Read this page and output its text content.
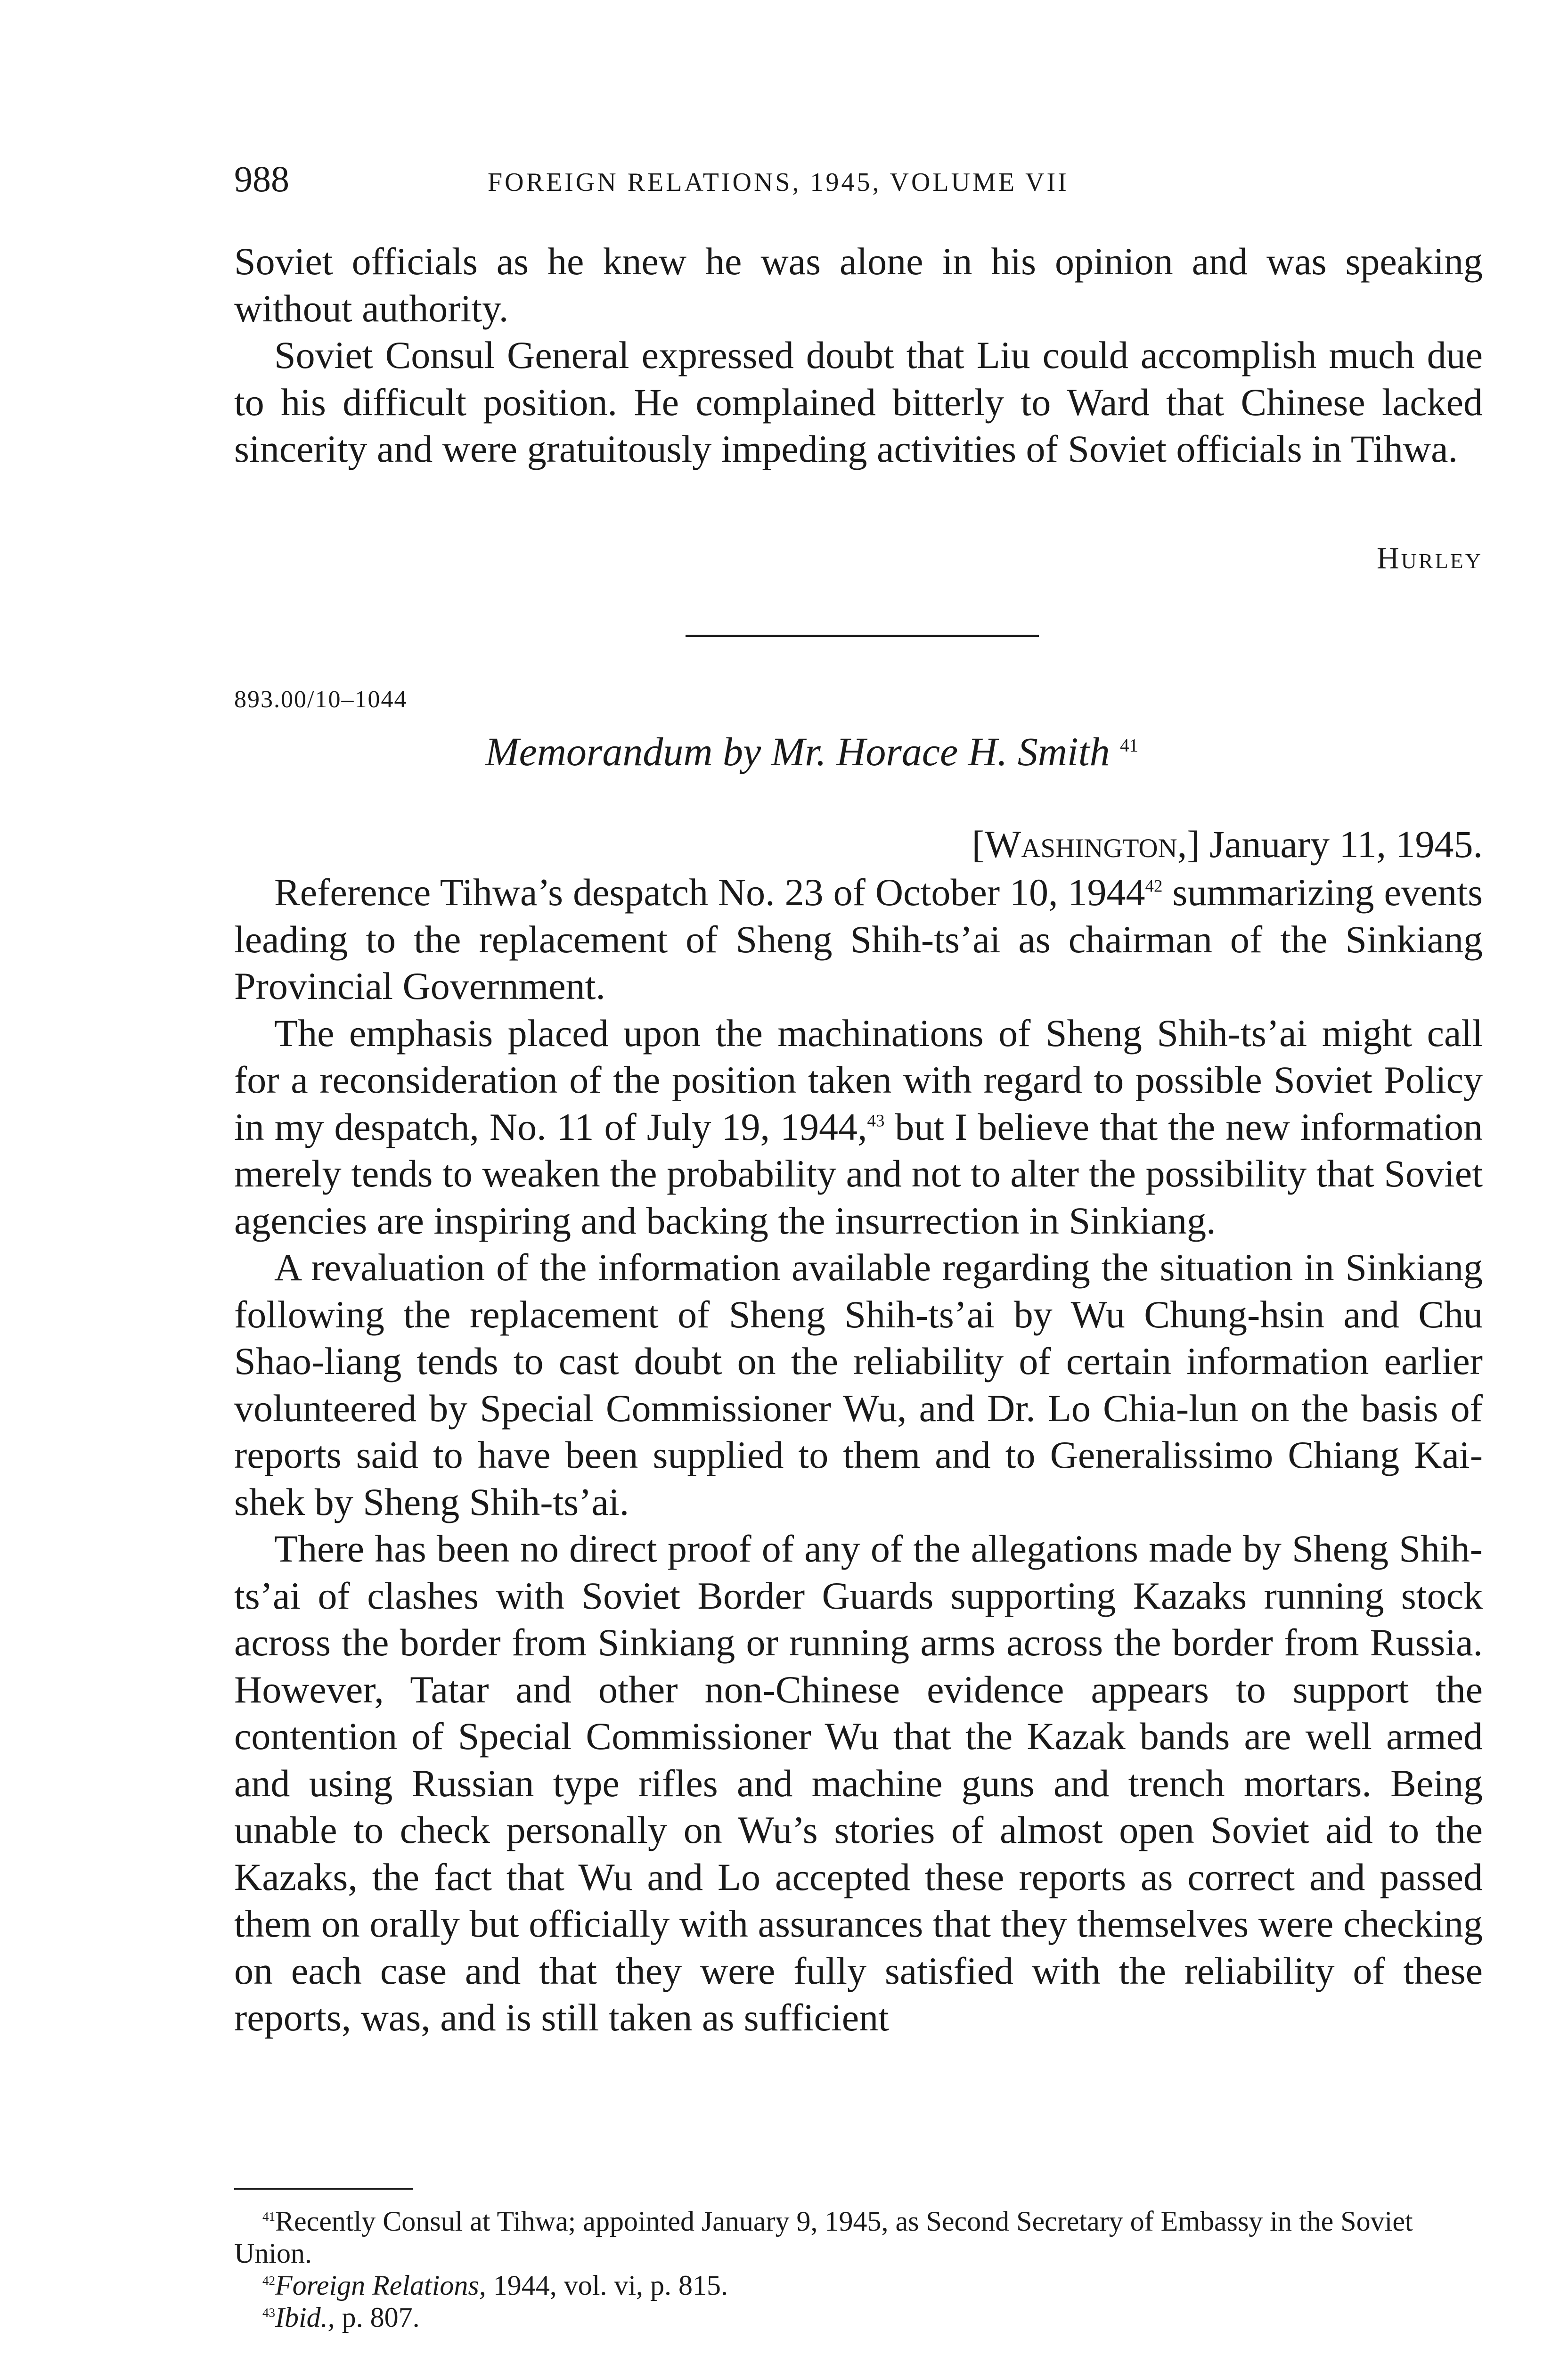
988	FOREIGN RELATIONS, 1945, VOLUME VII

Soviet officials as he knew he was alone in his opinion and was speaking without authority.

Soviet Consul General expressed doubt that Liu could accomplish much due to his difficult position. He complained bitterly to Ward that Chinese lacked sincerity and were gratuitously impeding activities of Soviet officials in Tihwa.

Hurley
893.00/10–1044
Memorandum by Mr. Horace H. Smith $^{41}$
[Washington,] January 11, 1945.

Reference Tihwa’s despatch No. 23 of October 10, 1944$^{42}$ summarizing events leading to the replacement of Sheng Shih-ts’ai as chairman of the Sinkiang Provincial Government.

The emphasis placed upon the machinations of Sheng Shih-ts’ai might call for a reconsideration of the position taken with regard to possible Soviet Policy in my despatch, No. 11 of July 19, 1944,43 but I believe that the new information merely tends to weaken the probability and not to alter the possibility that Soviet agencies are inspiring and backing the insurrection in Sinkiang.

A revaluation of the information available regarding the situation in Sinkiang following the replacement of Sheng Shih-ts’ai by Wu Chung-hsin and Chu Shao-liang tends to cast doubt on the reliability of certain information earlier volunteered by Special Commissioner Wu, and Dr. Lo Chia-lun on the basis of reports said to have been supplied to them and to Generalissimo Chiang Kai-shek by Sheng Shih-ts’ai.

There has been no direct proof of any of the allegations made by Sheng Shih-ts’ai of clashes with Soviet Border Guards supporting Kazaks running stock across the border from Sinkiang or running arms across the border from Russia. However, Tatar and other non-Chinese evidence appears to support the contention of Special Commissioner Wu that the Kazak bands are well armed and using Russian type rifles and machine guns and trench mortars. Being unable to check personally on Wu’s stories of almost open Soviet aid to the Kazaks, the fact that Wu and Lo accepted these reports as correct and passed them on orally but officially with assurances that they themselves were checking on each case and that they were fully satisfied with the reliability of these reports, was, and is still taken as sufficient

$^{41}$Recently Consul at Tihwa; appointed January 9, 1945, as Second Secretary of Embassy in the Soviet Union.

$^{42}$Foreign Relations, 1944, vol. vi, p. 815.

$^{43}$Ibid., p. 807.
